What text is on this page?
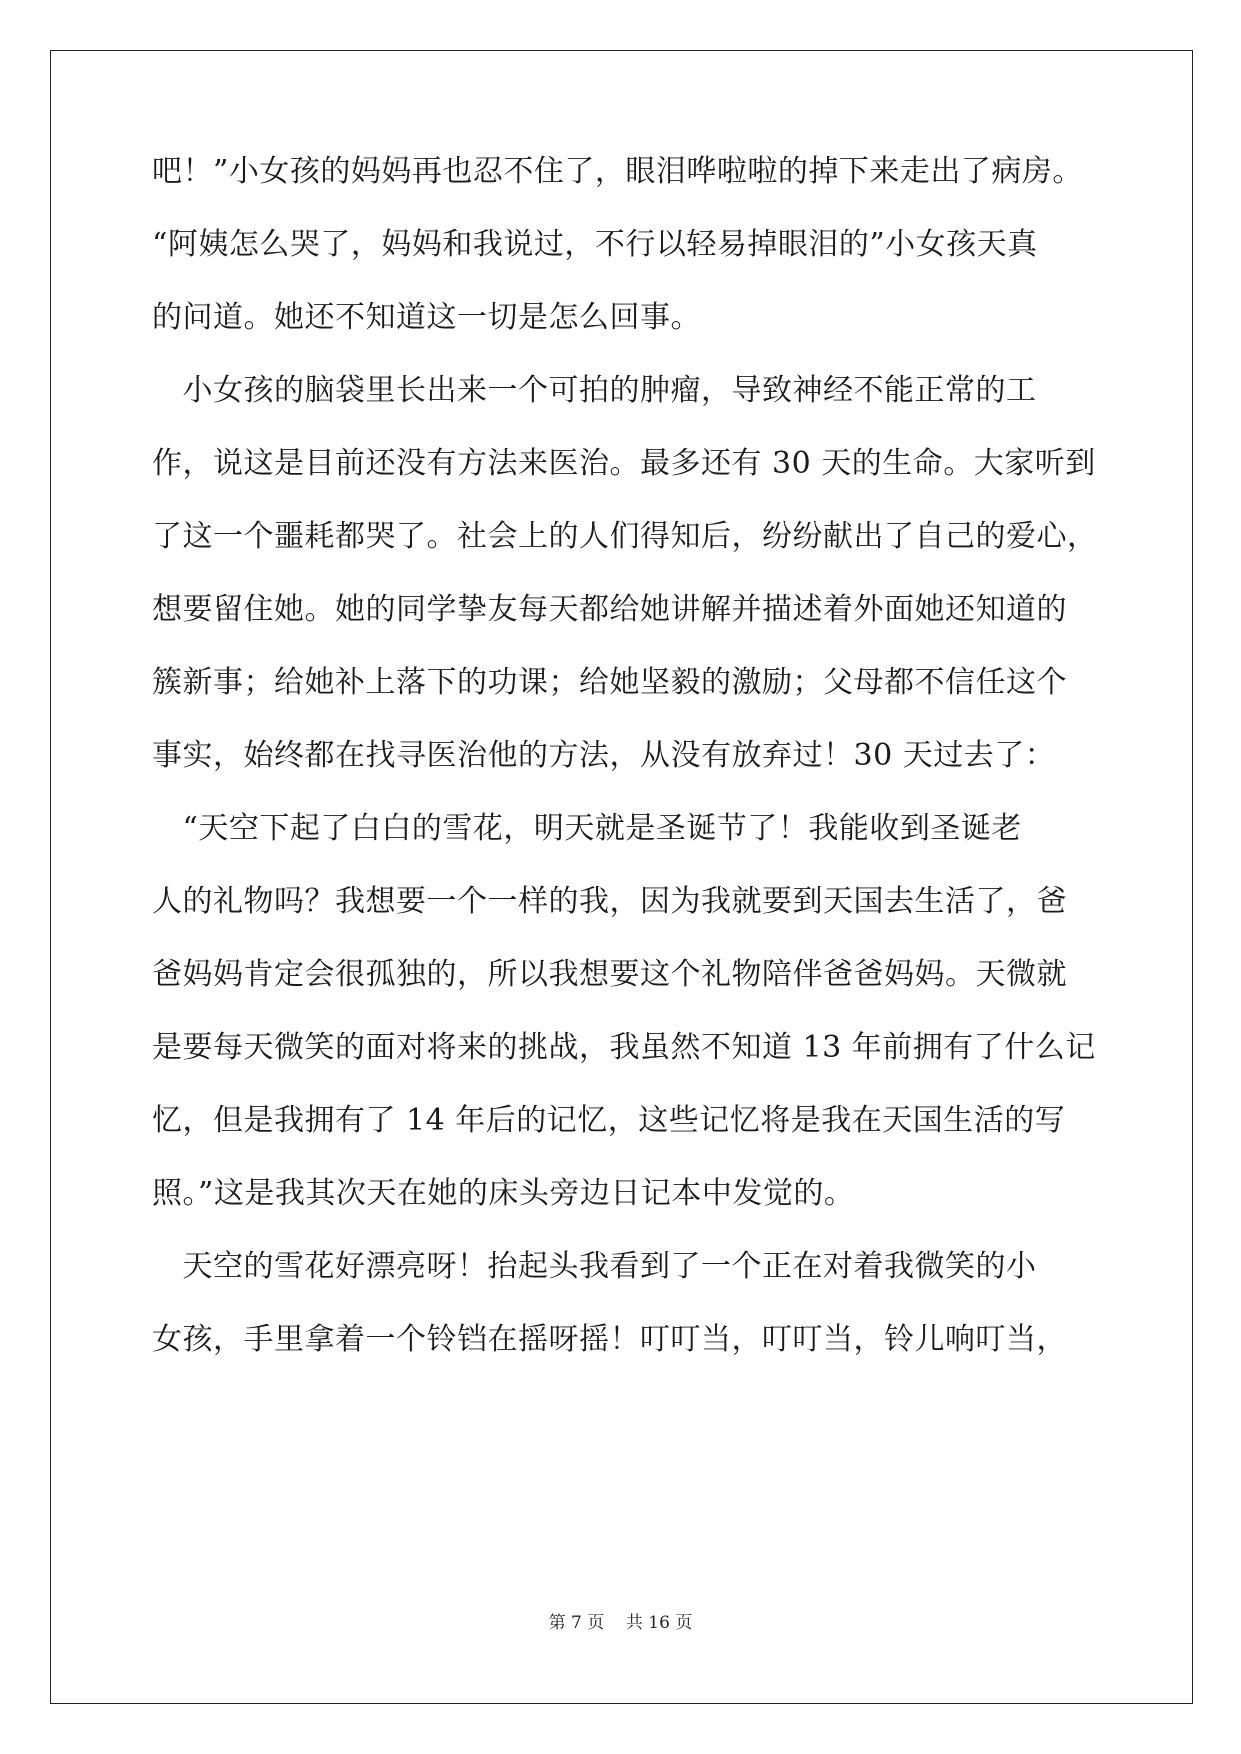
吧！”小女孩的妈妈再也忍不住了，眼泪哗啦啦的掉下来走出了病房。
“阿姨怎么哭了，妈妈和我说过，不行以轻易掉眼泪的”小女孩天真
的问道。她还不知道这一切是怎么回事。
　小女孩的脑袋里长出来一个可拍的肿瘤，导致神经不能正常的工
作，说这是目前还没有方法来医治。最多还有 30 天的生命。大家听到
了这一个噩耗都哭了。社会上的人们得知后，纷纷献出了自己的爱心，
想要留住她。她的同学挚友每天都给她讲解并描述着外面她还知道的
簇新事；给她补上落下的功课；给她坚毅的激励；父母都不信任这个
事实，始终都在找寻医治他的方法，从没有放弃过！30 天过去了：
　“天空下起了白白的雪花，明天就是圣诞节了！我能收到圣诞老
人的礼物吗？我想要一个一样的我，因为我就要到天国去生活了，爸
爸妈妈肯定会很孤独的，所以我想要这个礼物陪伴爸爸妈妈。天微就
是要每天微笑的面对将来的挑战，我虽然不知道 13 年前拥有了什么记
忆，但是我拥有了 14 年后的记忆，这些记忆将是我在天国生活的写
照。”这是我其次天在她的床头旁边日记本中发觉的。
　天空的雪花好漂亮呀！抬起头我看到了一个正在对着我微笑的小
女孩，手里拿着一个铃铛在摇呀摇！叮叮当，叮叮当，铃儿响叮当，
第 7 页 共 16 页
